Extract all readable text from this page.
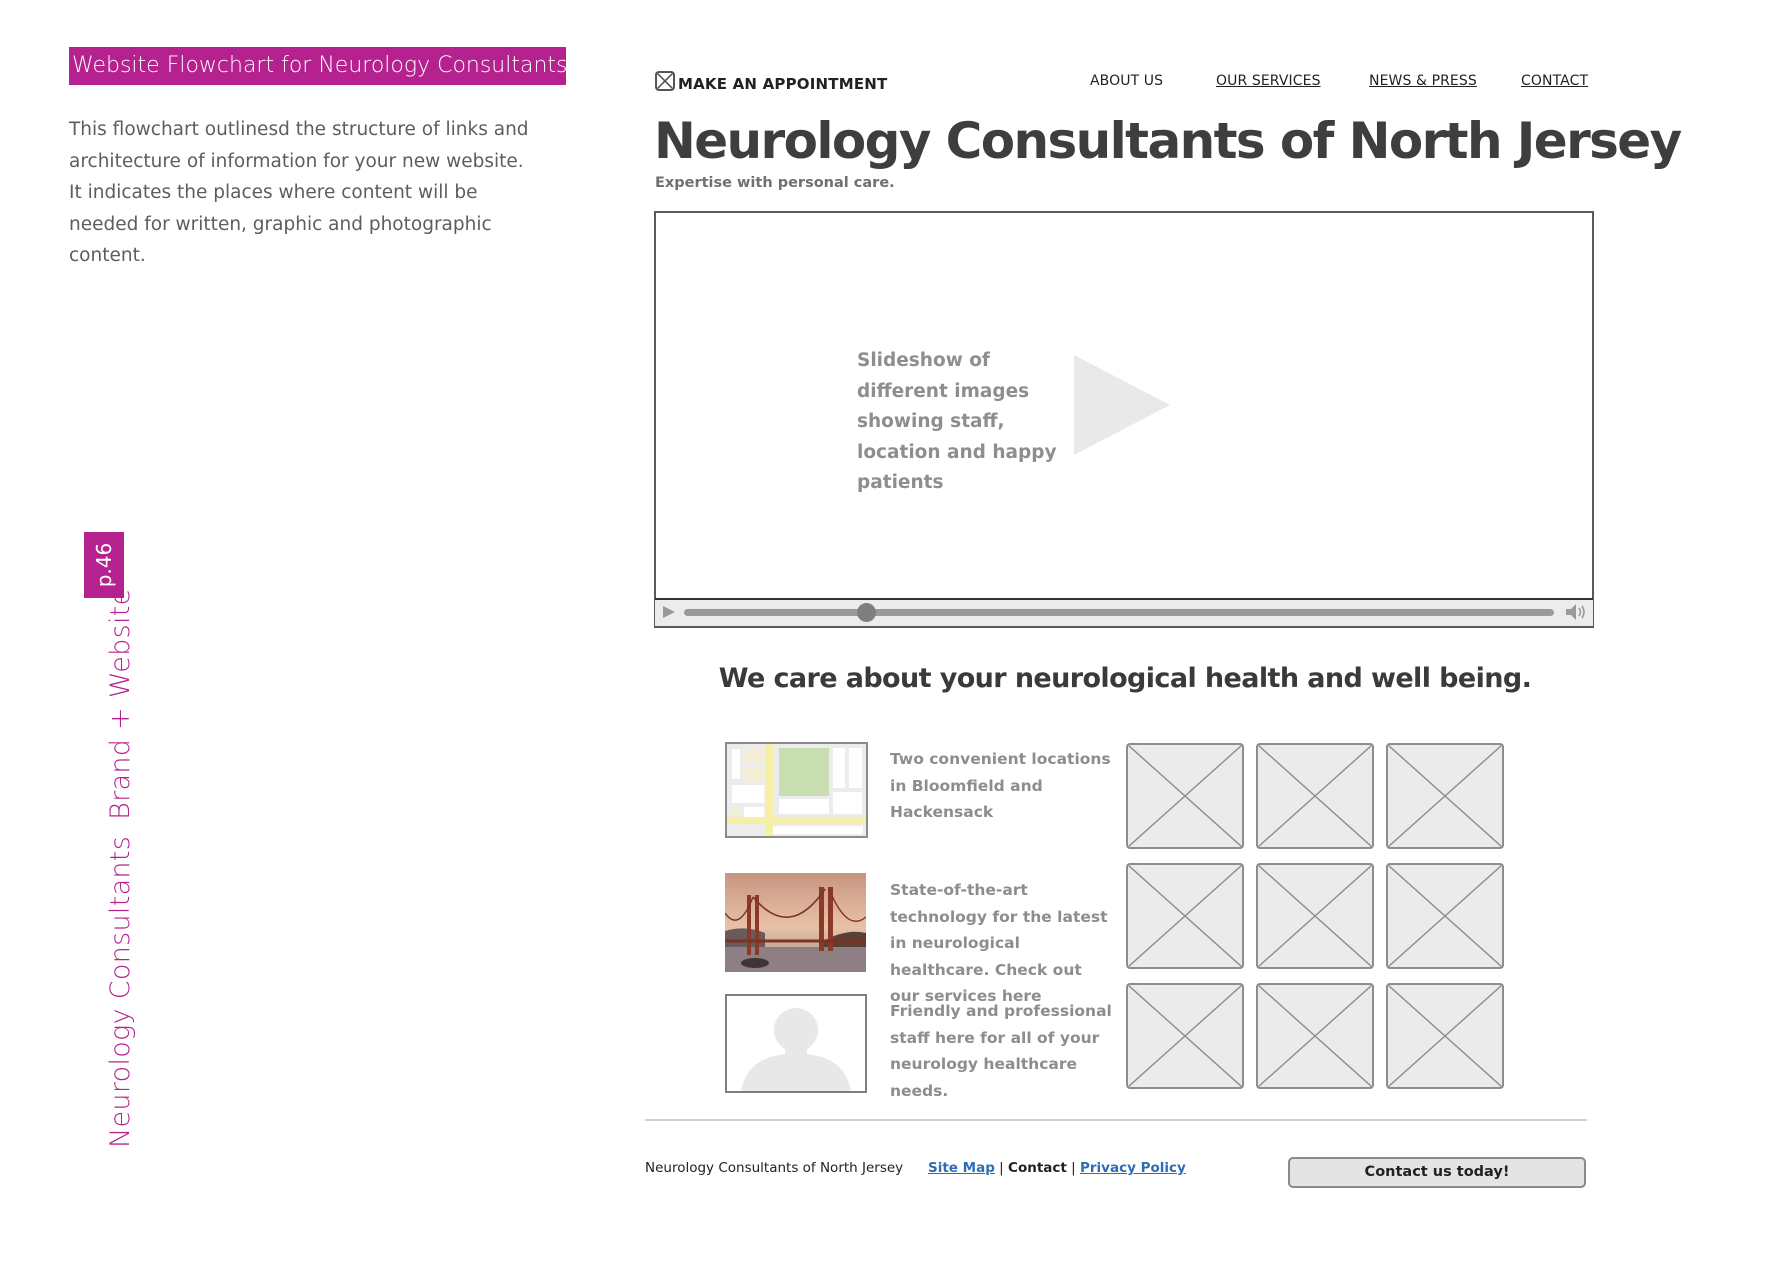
Website Flowchart for Neurology Consultants
This flowchart outlinesd the structure of links and architecture of information for your new website. It indicates the places where content will be needed for written, graphic and photographic content.
p.46
Neurology ConsultantsBrand + Website
MAKE AN APPOINTMENT	ABOUT US	OUR SERVICES	NEWS & PRESS	CONTACT
Neurology Consultants of North Jersey
Expertise with personal care.
Slideshow of different images showing staff, location and happy patients
We care about your neurological health and well being.
Two convenient locations in Bloomfield and Hackensack
State-of-the-art technology for the latest in neurological healthcare. Check out our services here
Friendly and professional staff here for all of your neurology healthcare needs.
Neurology Consultants of North Jersey Site Map | Contact | Privacy Policy	Contact us today!
